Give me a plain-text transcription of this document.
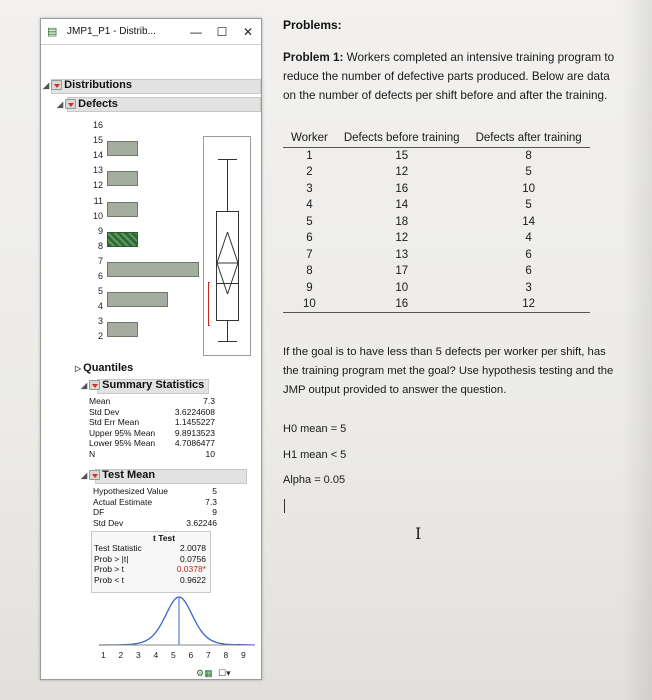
▤ JMP1_P1 - Distrib...	—	☐	✕
◢ Distributions
◢ Defects
16
15
14
13
12
11
10
9
8
7
6
5
4
3
2
▷ Quantiles
◢ Summary Statistics
Mean	7.3
Std Dev	3.6224608
Std Err Mean	1.1455227
Upper 95% Mean 9.8913523
Lower 95% Mean 4.7086477
N	10
◢ Test Mean
Hypothesized Value	5
Actual Estimate	7.3
DF	9
Std Dev	3.62246
t Test
Test Statistic	2.0078
Prob > |t|	0.0756
Prob > t	0.0378*
Prob < t	0.9622
1 2 3 4 5 6 7 8 9
⚙▦ ☐▾
Problems:
Problem 1: Workers completed an intensive training program to reduce the number of defective parts produced. Below are data on the number of defects per shift before and after the training.
Worker	Defects before training	Defects after training
1	15	8
2	12	5
3	16	10
4	14	5
5	18	14
6	12	4
7	13	6
8	17	6
9	10	3
10	16	12
If the goal is to have less than 5 defects per worker per shift, has the training program met the goal? Use hypothesis testing and the JMP output provided to answer the question.
H0 mean = 5
H1 mean < 5
Alpha = 0.05
I
